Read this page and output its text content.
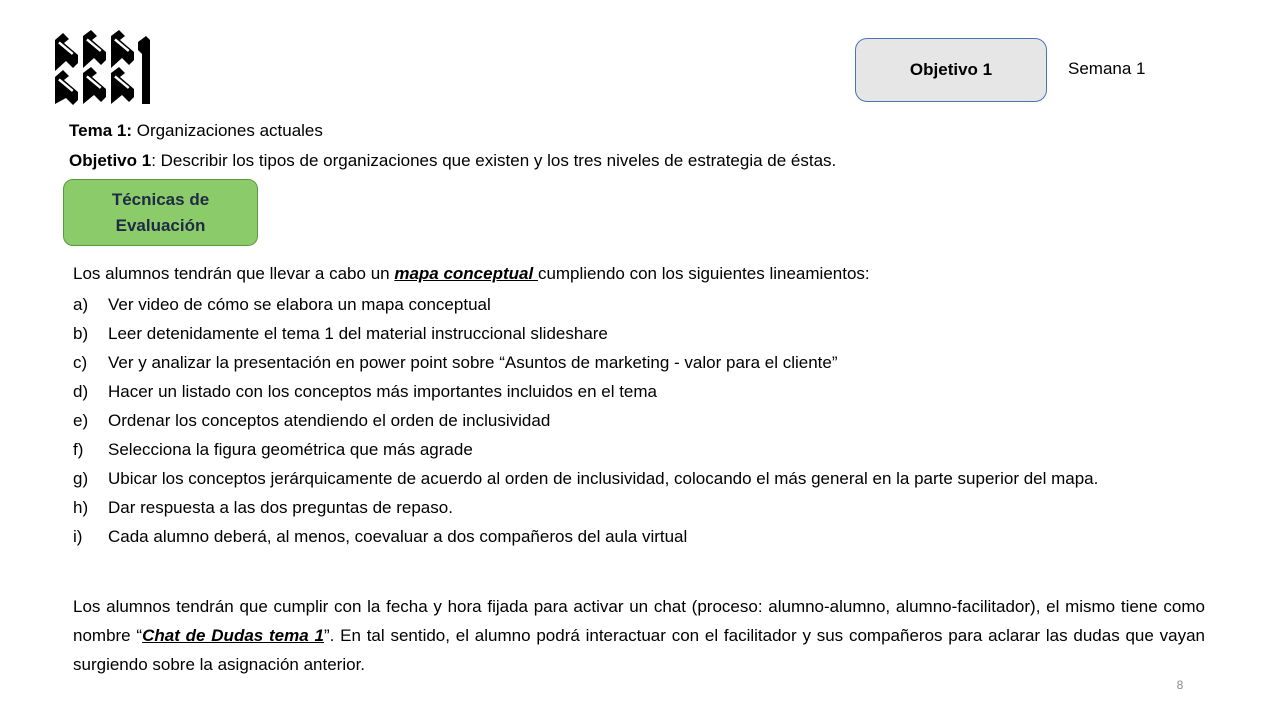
Objetivo 1	Semana 1
Tema 1: Organizaciones actuales
Objetivo 1: Describir los tipos de organizaciones que existen y los tres niveles de estrategia de éstas.
Técnicas de
Evaluación
Los alumnos tendrán que llevar a cabo un mapa conceptual cumpliendo con los siguientes lineamientos:
a) Ver video de cómo se elabora un mapa conceptual
b) Leer detenidamente el tema 1 del material instruccional slideshare
c) Ver y analizar la presentación en power point sobre “Asuntos de marketing - valor para el cliente”
d) Hacer un listado con los conceptos más importantes incluidos en el tema
e) Ordenar los conceptos atendiendo el orden de inclusividad
f) Selecciona la figura geométrica que más agrade
g) Ubicar los conceptos jerárquicamente de acuerdo al orden de inclusividad, colocando el más general en la parte superior del mapa.
h) Dar respuesta a las dos preguntas de repaso.
i) Cada alumno deberá, al menos, coevaluar a dos compañeros del aula virtual

Los alumnos tendrán que cumplir con la fecha y hora fijada para activar un chat (proceso: alumno-alumno, alumno-facilitador), el mismo tiene como nombre “Chat de Dudas tema 1”. En tal sentido, el alumno podrá interactuar con el facilitador y sus compañeros para aclarar las dudas que vayan surgiendo sobre la asignación anterior.

8
